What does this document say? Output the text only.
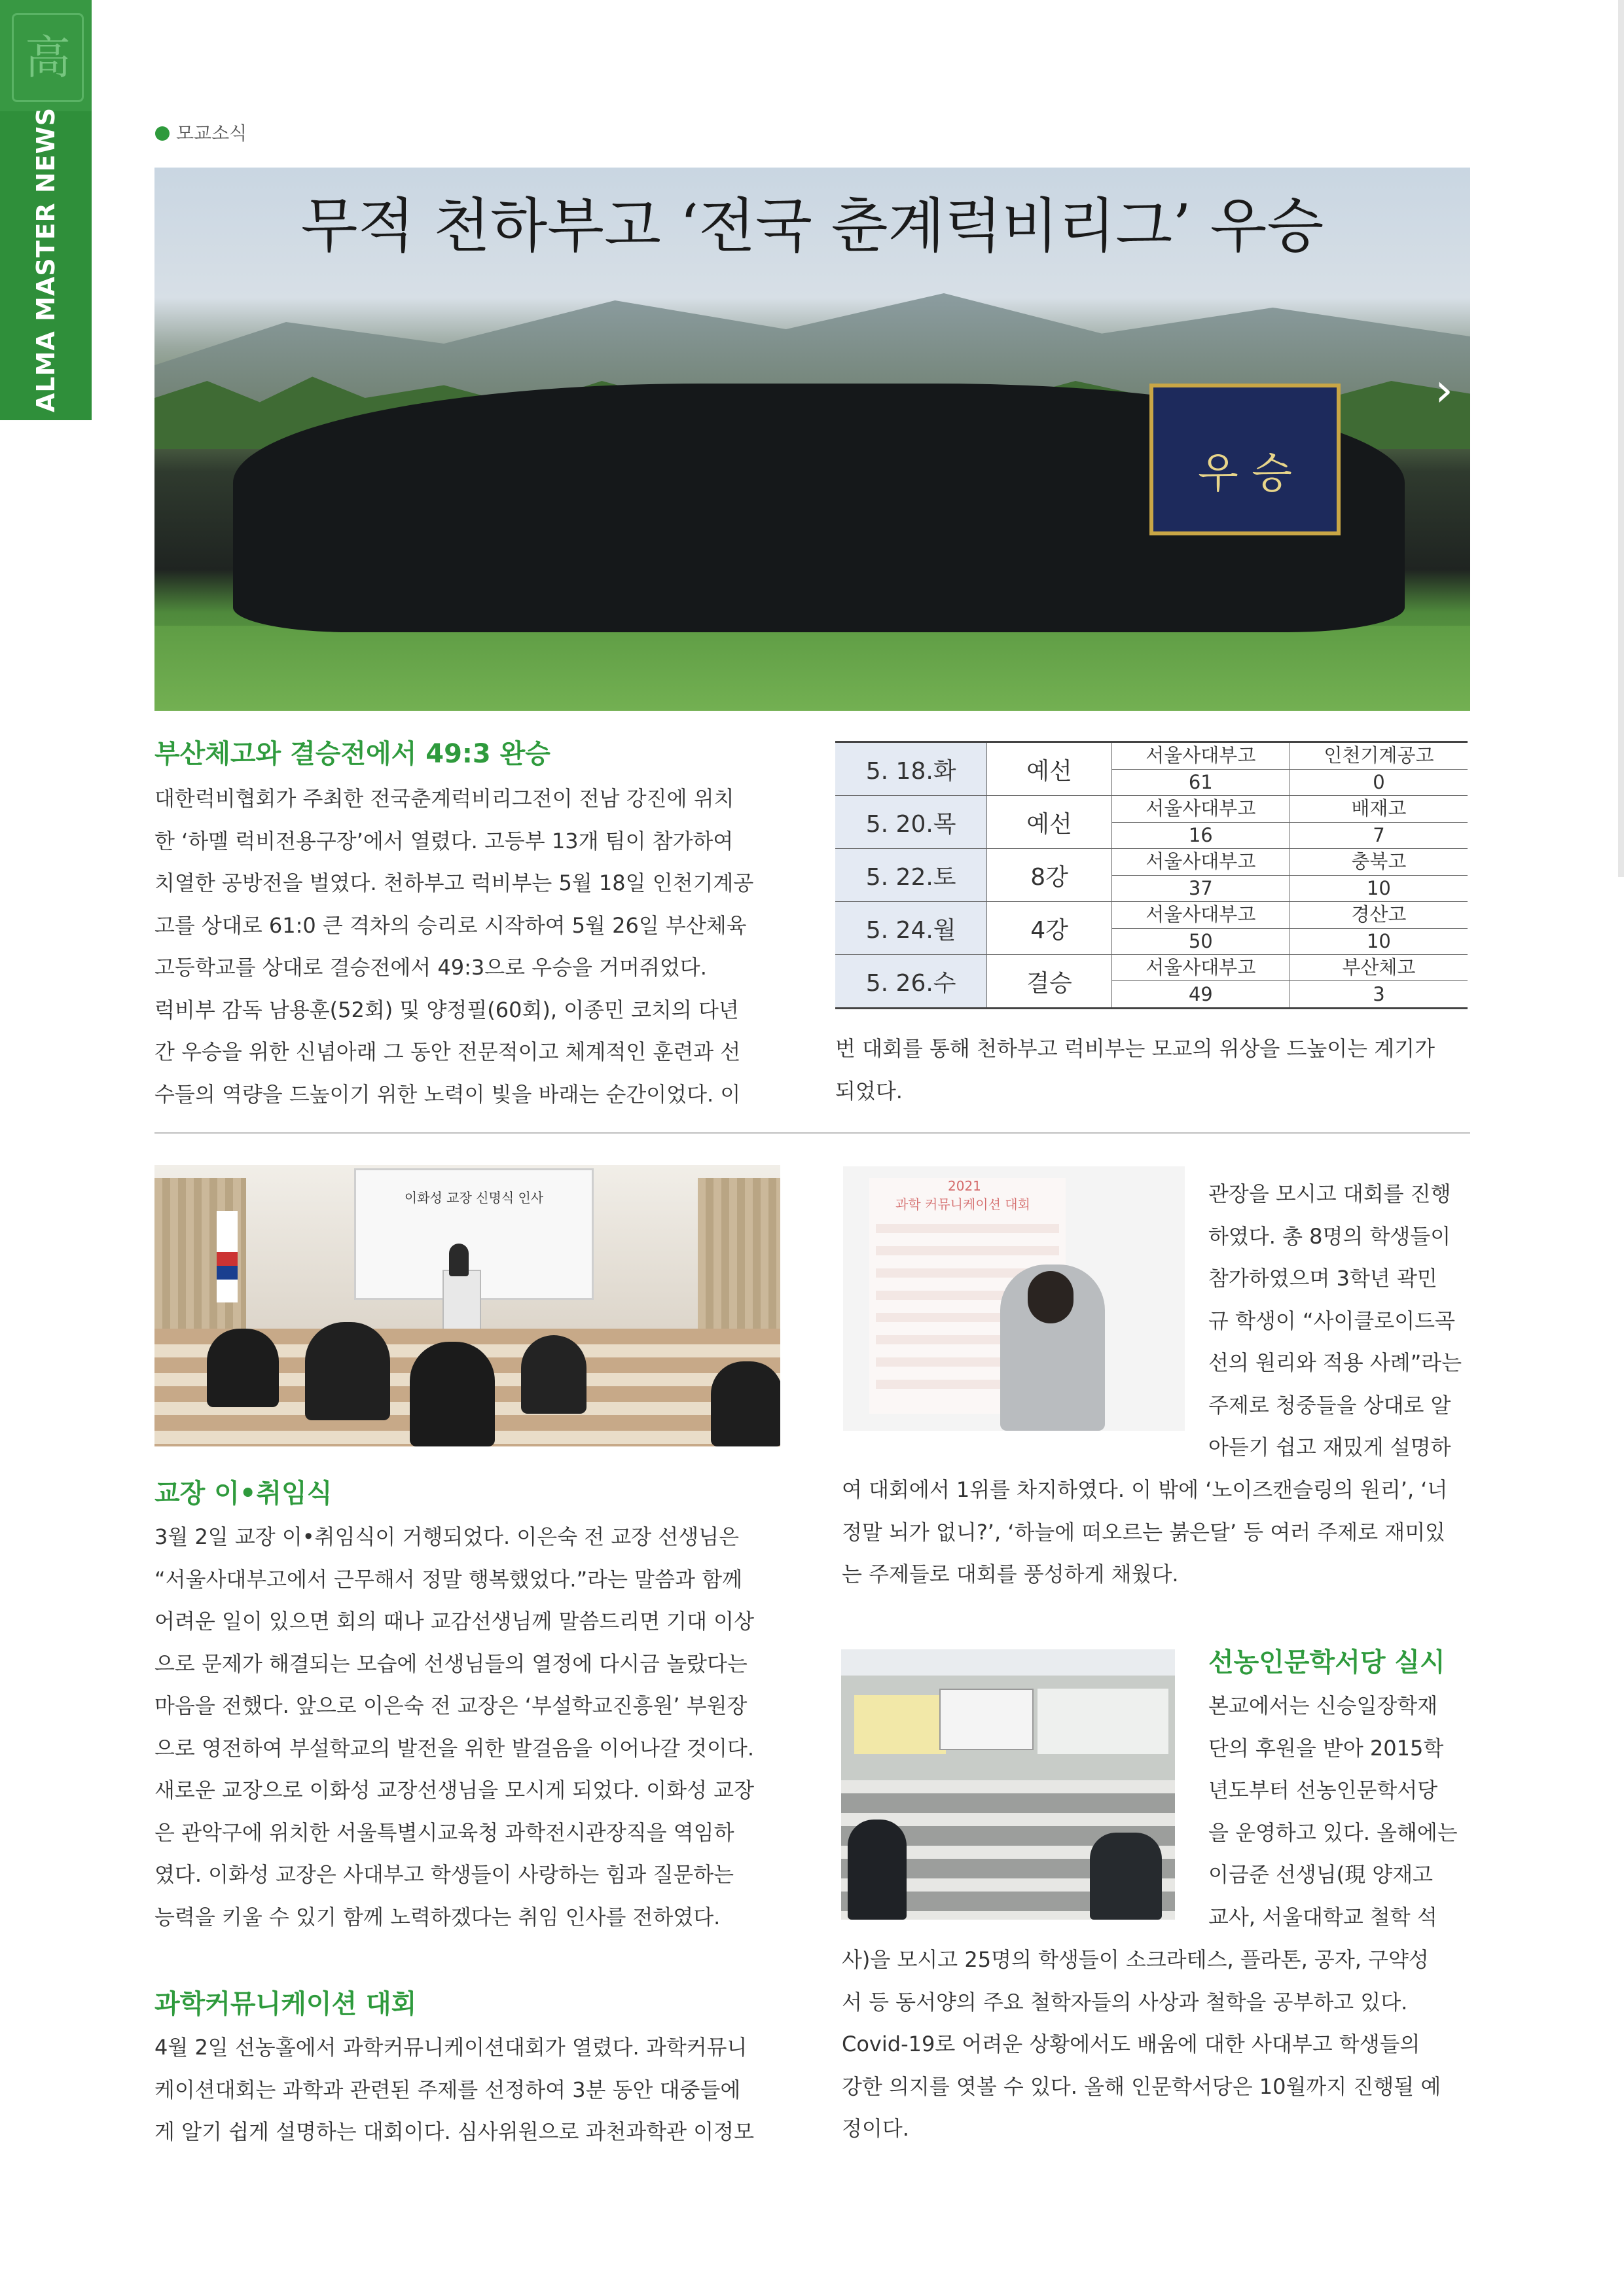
高
ALMA MASTER NEWS	모교소식
우 승
무적 천하부고 ‘전국 춘계럭비리그’ 우승
›
부산체고와 결승전에서 49:3 완승
대한럭비협회가 주최한 전국춘계럭비리그전이 전남 강진에 위치
한 ‘하멜 럭비전용구장’에서 열렸다. 고등부 13개 팀이 참가하여
치열한 공방전을 벌였다. 천하부고 럭비부는 5월 18일 인천기계공
고를 상대로 61:0 큰 격차의 승리로 시작하여 5월 26일 부산체육
고등학교를 상대로 결승전에서 49:3으로 우승을 거머쥐었다.
럭비부 감독 남용훈(52회) 및 양정필(60회), 이종민 코치의 다년
간 우승을 위한 신념아래 그 동안 전문적이고 체계적인 훈련과 선
수들의 역량을 드높이기 위한 노력이 빛을 바래는 순간이었다. 이
5. 18.화	예선	서울사대부고	인천기계공고
		61	0
5. 20.목	예선	서울사대부고	배재고
		16	7
5. 22.토	8강	서울사대부고	충북고
		37	10
5. 24.월	4강	서울사대부고	경산고
		50	10
5. 26.수	결승	서울사대부고	부산체고
		49	3
번 대회를 통해 천하부고 럭비부는 모교의 위상을 드높이는 계기가
되었다.
이화성 교장 신명식 인사
교장 이•취임식
3월 2일 교장 이•취임식이 거행되었다. 이은숙 전 교장 선생님은
“서울사대부고에서 근무해서 정말 행복했었다.”라는 말씀과 함께
어려운 일이 있으면 회의 때나 교감선생님께 말씀드리면 기대 이상
으로 문제가 해결되는 모습에 선생님들의 열정에 다시금 놀랐다는
마음을 전했다. 앞으로 이은숙 전 교장은 ‘부설학교진흥원’ 부원장
으로 영전하여 부설학교의 발전을 위한 발걸음을 이어나갈 것이다.
새로운 교장으로 이화성 교장선생님을 모시게 되었다. 이화성 교장
은 관악구에 위치한 서울특별시교육청 과학전시관장직을 역임하
였다. 이화성 교장은 사대부고 학생들이 사랑하는 힘과 질문하는
능력을 키울 수 있기 함께 노력하겠다는 취임 인사를 전하였다.
과학커뮤니케이션 대회
4월 2일 선농홀에서 과학커뮤니케이션대회가 열렸다. 과학커뮤니
케이션대회는 과학과 관련된 주제를 선정하여 3분 동안 대중들에
게 알기 쉽게 설명하는 대회이다. 심사위원으로 과천과학관 이정모
2021
과학 커뮤니케이션 대회	관장을 모시고 대회를 진행
하였다. 총 8명의 학생들이
참가하였으며 3학년 곽민
규 학생이 “사이클로이드곡
선의 원리와 적용 사례”라는
주제로 청중들을 상대로 알
아듣기 쉽고 재밌게 설명하
여 대회에서 1위를 차지하였다. 이 밖에 ‘노이즈캔슬링의 원리’, ‘너
정말 뇌가 없니?’, ‘하늘에 떠오르는 붉은달’ 등 여러 주제로 재미있
는 주제들로 대회를 풍성하게 채웠다.
선농인문학서당 실시
본교에서는 신승일장학재
단의 후원을 받아 2015학
년도부터 선농인문학서당
을 운영하고 있다. 올해에는
이금준 선생님(現 양재고
교사, 서울대학교 철학 석
사)을 모시고 25명의 학생들이 소크라테스, 플라톤, 공자, 구약성
서 등 동서양의 주요 철학자들의 사상과 철학을 공부하고 있다.
Covid-19로 어려운 상황에서도 배움에 대한 사대부고 학생들의
강한 의지를 엿볼 수 있다. 올해 인문학서당은 10월까지 진행될 예
정이다.
